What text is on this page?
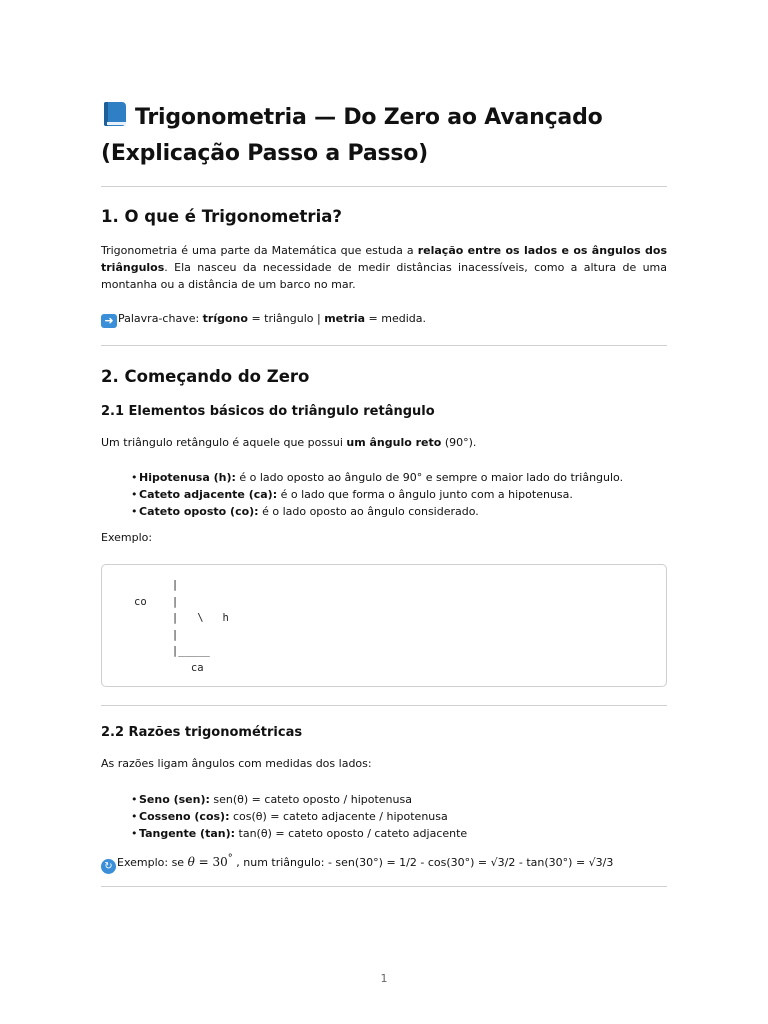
Trigonometria — Do Zero ao Avançado
(Explicação Passo a Passo)
1. O que é Trigonometria?

Trigonometria é uma parte da Matemática que estuda a relação entre os lados e os ângulos dos triângulos. Ela nasceu da necessidade de medir distâncias inacessíveis, como a altura de uma montanha ou a distância de um barco no mar.

➜ Palavra-chave: trígono = triângulo | metria = medida.

2. Começando do Zero
2.1 Elementos básicos do triângulo retângulo

Um triângulo retângulo é aquele que possui um ângulo reto (90°).

• Hipotenusa (h): é o lado oposto ao ângulo de 90° e sempre o maior lado do triângulo.
• Cateto adjacente (ca): é o lado que forma o ângulo junto com a hipotenusa.
• Cateto oposto (co): é o lado oposto ao ângulo considerado.

Exemplo:

|
co    |
|   \   h
|
|_____
ca
2.2 Razões trigonométricas

As razões ligam ângulos com medidas dos lados:

• Seno (sen): sen(θ) = cateto oposto / hipotenusa
• Cosseno (cos): cos(θ) = cateto adjacente / hipotenusa
• Tangente (tan): tan(θ) = cateto oposto / cateto adjacente

↻ Exemplo: se θ = 30° , num triângulo: - sen(30°) = 1/2 - cos(30°) = √3/2 - tan(30°) = √3/3

1
